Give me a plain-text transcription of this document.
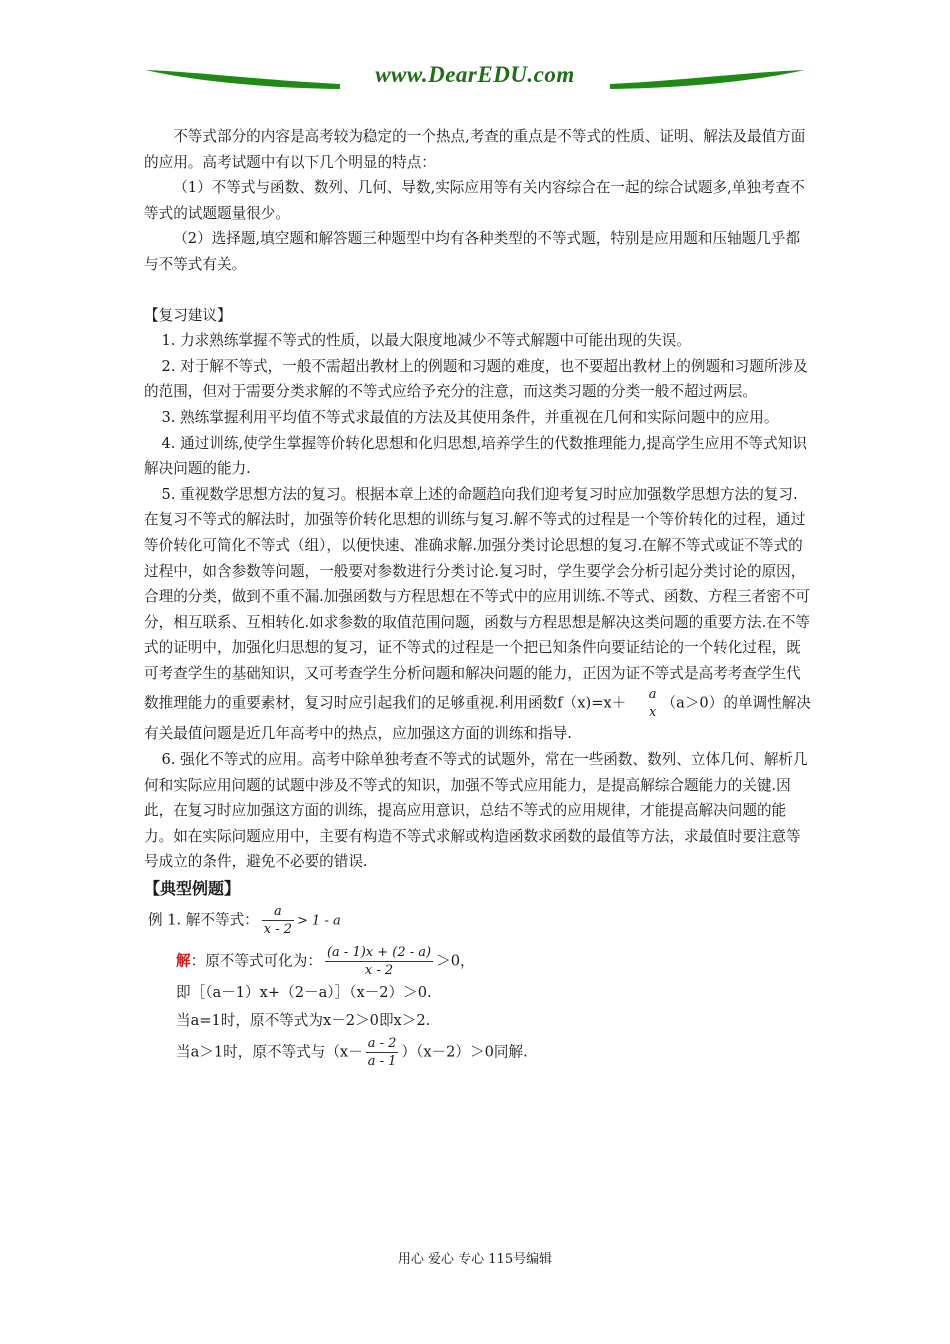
www.DearEDU.com

不等式部分的内容是高考较为稳定的一个热点,考查的重点是不等式的性质、证明、解法及最值方面的应用。高考试题中有以下几个明显的特点：

（1）不等式与函数、数列、几何、导数,实际应用等有关内容综合在一起的综合试题多,单独考查不等式的试题题量很少。

（2）选择题,填空题和解答题三种题型中均有各种类型的不等式题，特别是应用题和压轴题几乎都与不等式有关。

【复习建议】

1. 力求熟练掌握不等式的性质，以最大限度地减少不等式解题中可能出现的失误。

2. 对于解不等式，一般不需超出教材上的例题和习题的难度，也不要超出教材上的例题和习题所涉及的范围，但对于需要分类求解的不等式应给予充分的注意，而这类习题的分类一般不超过两层。

3. 熟练掌握利用平均值不等式求最值的方法及其使用条件，并重视在几何和实际问题中的应用。

4. 通过训练,使学生掌握等价转化思想和化归思想,培养学生的代数推理能力,提高学生应用不等式知识解决问题的能力.

5. 重视数学思想方法的复习。根据本章上述的命题趋向我们迎考复习时应加强数学思想方法的复习.在复习不等式的解法时，加强等价转化思想的训练与复习.解不等式的过程是一个等价转化的过程，通过等价转化可简化不等式（组），以便快速、准确求解.加强分类讨论思想的复习.在解不等式或证不等式的过程中，如含参数等问题，一般要对参数进行分类讨论.复习时，学生要学会分析引起分类讨论的原因，合理的分类，做到不重不漏.加强函数与方程思想在不等式中的应用训练.不等式、函数、方程三者密不可分，相互联系、互相转化.如求参数的取值范围问题，函数与方程思想是解决这类问题的重要方法.在不等式的证明中，加强化归思想的复习，证不等式的过程是一个把已知条件向要证结论的一个转化过程，既可考查学生的基础知识，又可考查学生分析问题和解决问题的能力，正因为证不等式是高考考查学生代数推理能力的重要素材，复习时应引起我们的足够重视.利用函数f（x)=x＋	a
x
（a＞0）的单调性解决有关最值问题是近几年高考中的热点，应加强这方面的训练和指导.

6. 强化不等式的应用。高考中除单独考查不等式的试题外，常在一些函数、数列、立体几何、解析几何和实际应用问题的试题中涉及不等式的知识，加强不等式应用能力，是提高解综合题能力的关键.因此，在复习时应加强这方面的训练，提高应用意识，总结不等式的应用规律，才能提高解决问题的能力。如在实际问题应用中，主要有构造不等式求解或构造函数求函数的最值等方法，求最值时要注意等号成立的条件，避免不必要的错误.

【典型例题】

例 1. 解不等式： $\frac{a}{x - 2} > 1 - a$

解：原不等式可化为： $\frac{(a - 1)x + (2 - a)}{x - 2} >0$，

即［（a－1）x+（2－a）］（x－2）＞0.

当a=1时，原不等式为x－2＞0即x＞2.

当a＞1时，原不等式与$(x- \frac{a - 2}{a - 1} )(x-2)>0$同解.

用心 爱心 专心 115号编辑
